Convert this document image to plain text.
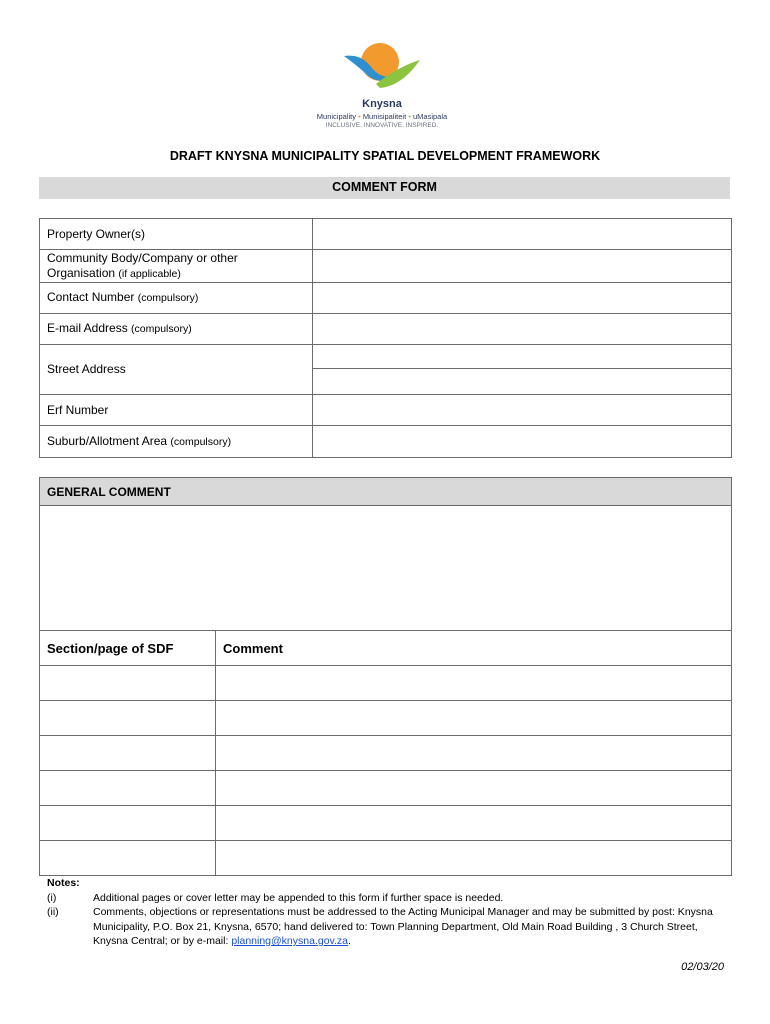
Knysna
Municipality • Munisipaliteit • uMasipala
INCLUSIVE. INNOVATIVE. INSPIRED.
DRAFT KNYSNA MUNICIPALITY SPATIAL DEVELOPMENT FRAMEWORK
COMMENT FORM
Property Owner(s)	
Community Body/Company or other
Organisation (if applicable)	
Contact Number (compulsory)	
E-mail Address (compulsory)	
Street Address	

Erf Number	
Suburb/Allotment Area (compulsory)	
GENERAL COMMENT	

Section/page of SDF	Comment

Notes:
(i)	Additional pages or cover letter may be appended to this form if further space is needed.
(ii)	Comments, objections or representations must be addressed to the Acting Municipal Manager and may be submitted by post: Knysna Municipality, P.O. Box 21, Knysna, 6570; hand delivered to: Town Planning Department, Old Main Road Building , 3 Church Street, Knysna Central; or by e-mail: planning@knysna.gov.za.
02/03/20
